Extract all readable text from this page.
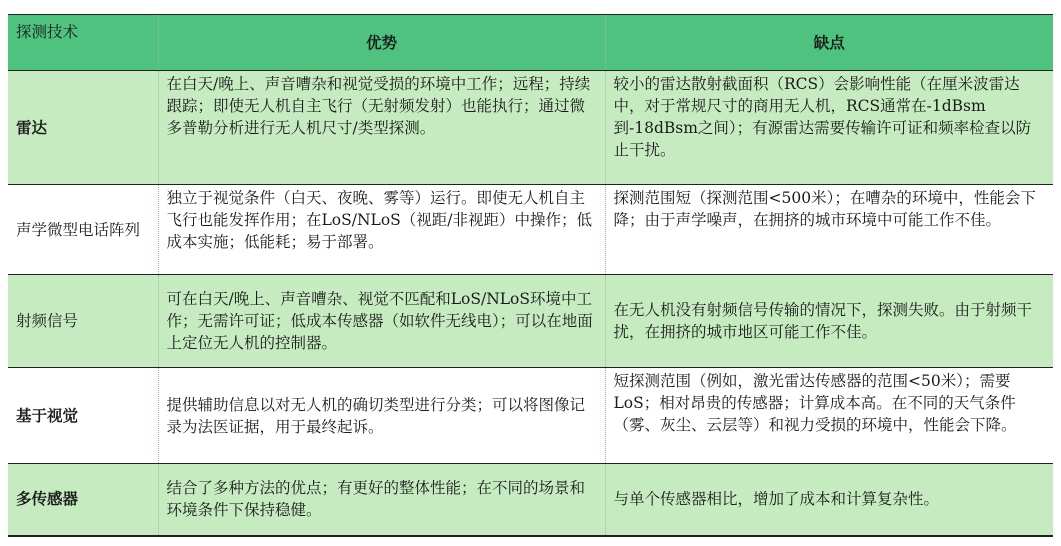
探测技术	优势	缺点
雷达	在白天/晚上、声音嘈杂和视觉受损的环境中工作；远程；持续跟踪；即使无人机自主飞行（无射频发射）也能执行；通过微多普勒分析进行无人机尺寸/类型探测。	较小的雷达散射截面积（RCS）会影响性能（在厘米波雷达中，对于常规尺寸的商用无人机，RCS通常在-1dBsm到-18dBsm之间）；有源雷达需要传输许可证和频率检查以防止干扰。
声学微型电话阵列	独立于视觉条件（白天、夜晚、雾等）运行。即使无人机自主飞行也能发挥作用；在LoS/NLoS（视距/非视距）中操作；低成本实施；低能耗；易于部署。	探测范围短（探测范围<500米）；在嘈杂的环境中，性能会下降；由于声学噪声，在拥挤的城市环境中可能工作不佳。
射频信号	可在白天/晚上、声音嘈杂、视觉不匹配和LoS/NLoS环境中工作；无需许可证；低成本传感器（如软件无线电）；可以在地面上定位无人机的控制器。	在无人机没有射频信号传输的情况下，探测失败。由于射频干扰，在拥挤的城市地区可能工作不佳。
基于视觉	提供辅助信息以对无人机的确切类型进行分类；可以将图像记录为法医证据，用于最终起诉。	短探测范围（例如，激光雷达传感器的范围<50米）；需要LoS；相对昂贵的传感器；计算成本高。在不同的天气条件（雾、灰尘、云层等）和视力受损的环境中，性能会下降。
多传感器	结合了多种方法的优点；有更好的整体性能；在不同的场景和环境条件下保持稳健。	与单个传感器相比，增加了成本和计算复杂性。
